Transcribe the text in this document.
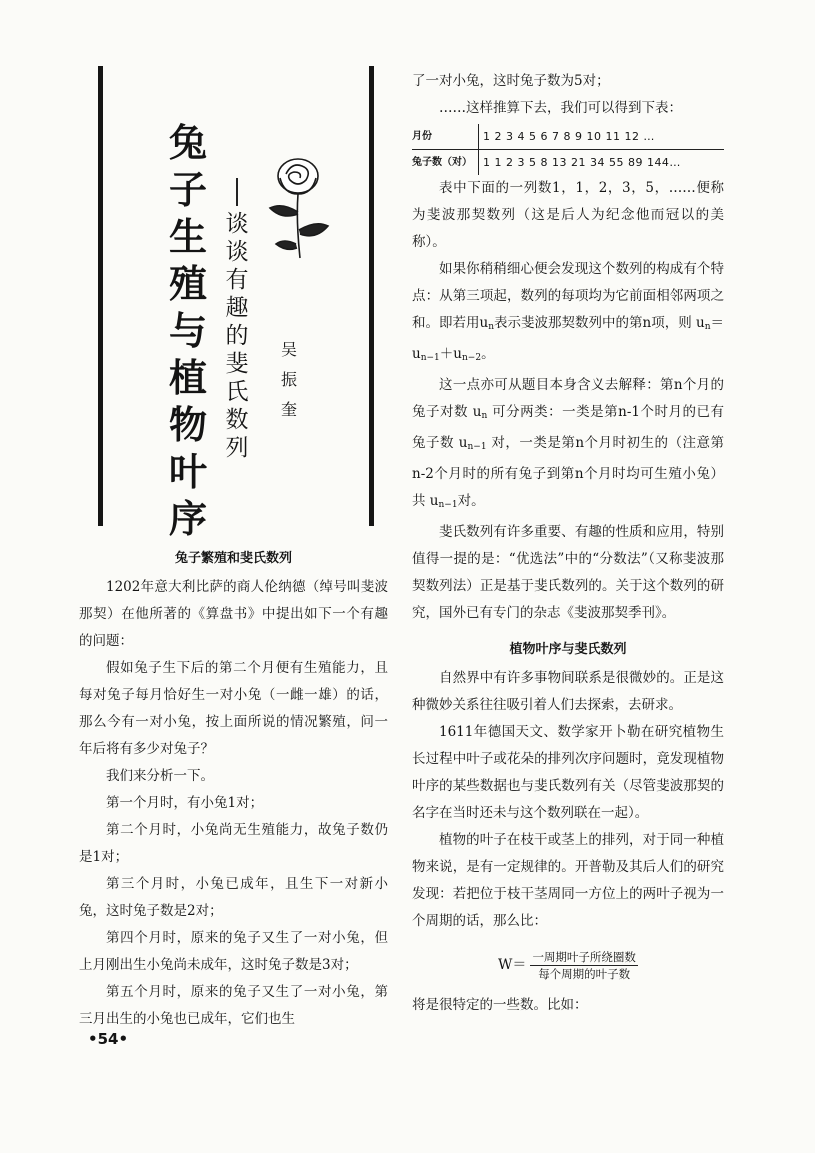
兔子生殖与植物叶序
谈谈有趣的斐氏数列
吴振奎

兔子繁殖和斐氏数列

1202年意大利比萨的商人伦纳德（绰号叫斐波那契）在他所著的《算盘书》中提出如下一个有趣的问题：

假如兔子生下后的第二个月便有生殖能力，且每对兔子每月恰好生一对小兔（一雌一雄）的话，那么今有一对小兔，按上面所说的情况繁殖，问一年后将有多少对兔子？

我们来分析一下。

第一个月时，有小兔1对；

第二个月时，小兔尚无生殖能力，故兔子数仍是1对；

第三个月时，小兔已成年，且生下一对新小兔，这时兔子数是2对；

第四个月时，原来的兔子又生了一对小兔，但上月刚出生小兔尚未成年，这时兔子数是3对；

第五个月时，原来的兔子又生了一对小兔，第三月出生的小兔也已成年，它们也生

了一对小兔，这时兔子数为5对；

……这样推算下去，我们可以得到下表：

月份	1 2 3 4 5 6 7 8 9 10 11 12 …
兔子数（对）	1 1 2 3 5 8 13 21 34 55 89 144…

表中下面的一列数1，1，2，3，5，……便称为斐波那契数列（这是后人为纪念他而冠以的美称）。

如果你稍稍细心便会发现这个数列的构成有个特点：从第三项起，数列的每项均为它前面相邻两项之和。即若用$u_n$表示斐波那契数列中的第n项，则 $u_n=u_{n-1}+u_{n-2}$。

这一点亦可从题目本身含义去解释：第n个月的兔子对数 $u_n$ 可分两类：一类是第n-1个时月的已有兔子数 $u_{n-1}$ 对，一类是第n个月时初生的（注意第n-2个月时的所有兔子到第n个月时均可生殖小兔）共 $u_{n-1}$对。

斐氏数列有许多重要、有趣的性质和应用，特别值得一提的是：“优选法”中的“分数法”（又称斐波那契数列法）正是基于斐氏数列的。关于这个数列的研究，国外已有专门的杂志《斐波那契季刊》。

植物叶序与斐氏数列

自然界中有许多事物间联系是很微妙的。正是这种微妙关系往往吸引着人们去探索，去研求。

1611年德国天文、数学家开卜勒在研究植物生长过程中叶子或花朵的排列次序问题时，竟发现植物叶序的某些数据也与斐氏数列有关（尽管斐波那契的名字在当时还未与这个数列联在一起）。

植物的叶子在枝干或茎上的排列，对于同一种植物来说，是有一定规律的。开普勒及其后人们的研究发现：若把位于枝干茎周同一方位上的两叶子视为一个周期的话，那么比：

$W= \frac{\text{一周期叶子所绕圈数}}{\text{每个周期的叶子数}}$

将是很特定的一些数。比如：

•54•
